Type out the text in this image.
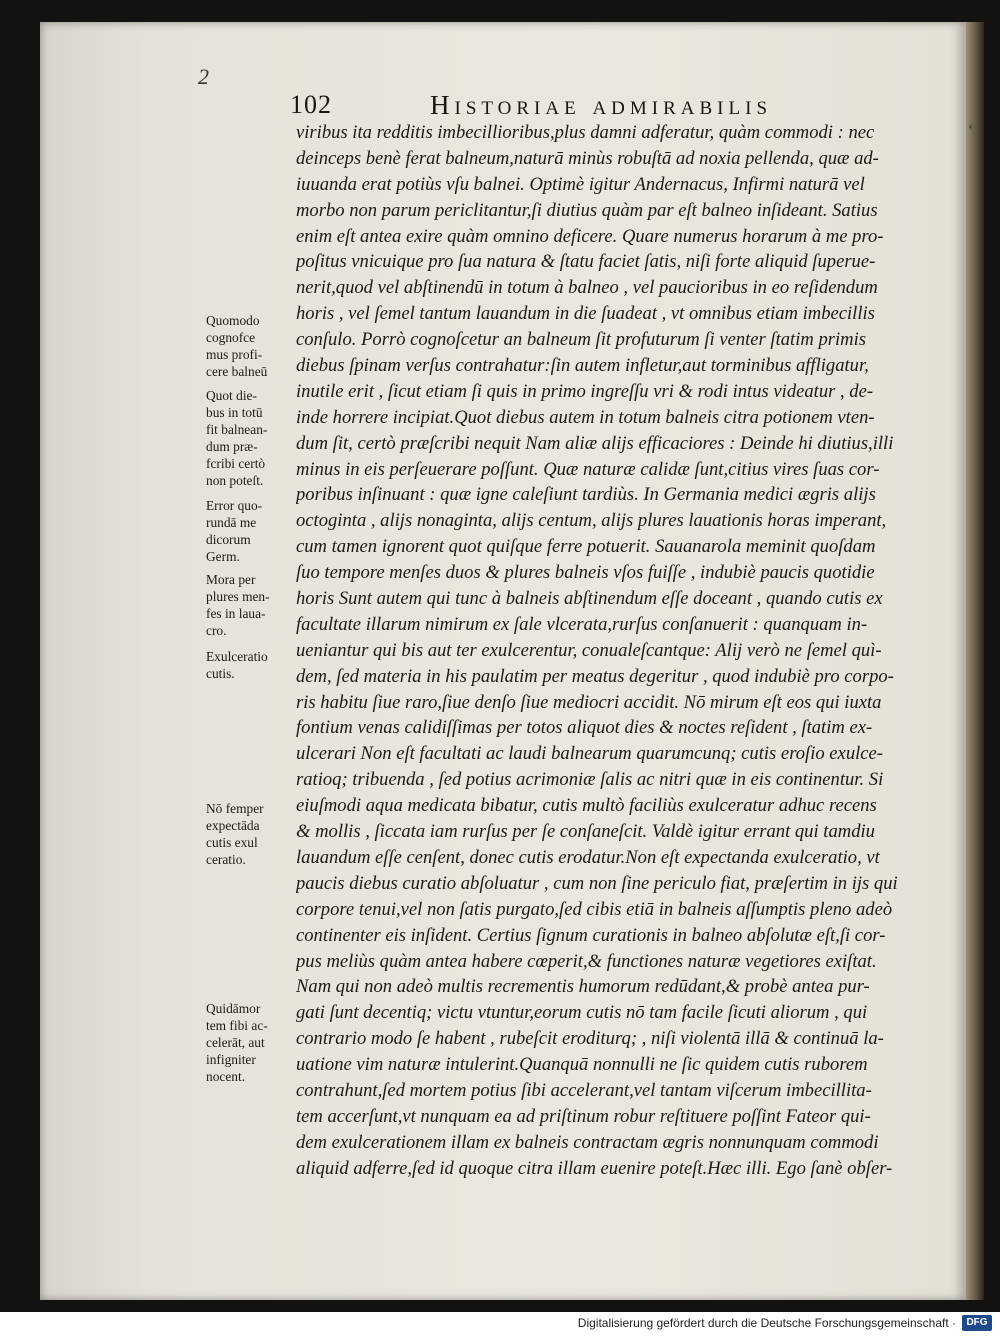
2
‘
102	Historiae admirabilis
Quomodo
cognofce
mus profi-
cere balneū
Quot die-
bus in totū
fit balnean-
dum præ-
fcribi certò
non poteſt.
Error quo-
rundā me
dicorum
Germ.
Mora per
plures men-
fes in laua-
cro.
Exulceratio
cutis.
Nō femper
expectāda
cutis exul
ceratio.
Quidāmor
tem fibi ac-
celerāt, aut
infigniter
nocent.
viribus ita redditis imbecillioribus,plus damni adferatur, quàm commodi : nec
deinceps benè ferat balneum,naturā minùs robuſtā ad noxia pellenda, quæ ad-
iuuanda erat potiùs vſu balnei. Optimè igitur Andernacus, Infirmi naturā vel
morbo non parum periclitantur,ſi diutius quàm par eſt balneo inſideant. Satius
enim eſt antea exire quàm omnino deficere. Quare numerus horarum à me pro-
poſitus vnicuique pro ſua natura & ſtatu faciet ſatis, niſi forte aliquid ſuperue-
nerit,quod vel abſtinendū in totum à balneo , vel paucioribus in eo reſidendum
horis , vel ſemel tantum lauandum in die ſuadeat , vt omnibus etiam imbecillis
conſulo. Porrò cognoſcetur an balneum ſit profuturum ſi venter ſtatim primis
diebus ſpinam verſus contrahatur:ſin autem infletur,aut torminibus affligatur,
inutile erit , ſicut etiam ſi quis in primo ingreſſu vri & rodi intus videatur , de-
inde horrere incipiat.Quot diebus autem in totum balneis citra potionem vten-
dum ſit, certò præſcribi nequit Nam aliæ alijs efficaciores : Deinde hi diutius,illi
minus in eis perſeuerare poſſunt. Quæ naturæ calidæ ſunt,citius vires ſuas cor-
poribus inſinuant : quæ igne caleſiunt tardiùs. In Germania medici ægris alijs
octoginta , alijs nonaginta, alijs centum, alijs plures lauationis horas imperant,
cum tamen ignorent quot quiſque ferre potuerit. Sauanarola meminit quoſdam
ſuo tempore menſes duos & plures balneis vſos fuiſſe , indubiè paucis quotidie
horis Sunt autem qui tunc à balneis abſtinendum eſſe doceant , quando cutis ex
facultate illarum nimirum ex ſale vlcerata,rurſus conſanuerit : quanquam in-
ueniantur qui bis aut ter exulcerentur, conualeſcantque: Alij verò ne ſemel quì-
dem, ſed materia in his paulatim per meatus degeritur , quod indubiè pro corpo-
ris habitu ſiue raro,ſiue denſo ſiue mediocri accidit. Nō mirum eſt eos qui iuxta
fontium venas calidiſſimas per totos aliquot dies & noctes reſident , ſtatim ex-
ulcerari Non eſt facultati ac laudi balnearum quarumcunq; cutis eroſio exulce-
ratioq; tribuenda , ſed potius acrimoniæ ſalis ac nitri quæ in eis continentur. Si
eiuſmodi aqua medicata bibatur, cutis multò faciliùs exulceratur adhuc recens
& mollis , ſiccata iam rurſus per ſe conſaneſcit. Valdè igitur errant qui tamdiu
lauandum eſſe cenſent, donec cutis erodatur.Non eſt expectanda exulceratio, vt
paucis diebus curatio abſoluatur , cum non ſine periculo fiat, præſertim in ijs qui
corpore tenui,vel non ſatis purgato,ſed cibis etiā in balneis aſſumptis pleno adeò
continenter eis inſident. Certius ſignum curationis in balneo abſolutæ eſt,ſi cor-
pus meliùs quàm antea habere cœperit,& functiones naturæ vegetiores exiſtat.
Nam qui non adeò multis recrementis humorum redūdant,& probè antea pur-
gati ſunt decentiq; victu vtuntur,eorum cutis nō tam facile ſicuti aliorum , qui
contrario modo ſe habent , rubeſcit eroditurq; , niſi violentā illā & continuā la-
uatione vim naturæ intulerint.Quanquā nonnulli ne ſic quidem cutis ruborem
contrahunt,ſed mortem potius ſibi accelerant,vel tantam viſcerum imbecillita-
tem accerſunt,vt nunquam ea ad priſtinum robur reſtituere poſſint Fateor qui-
dem exulcerationem illam ex balneis contractam ægris nonnunquam commodi
aliquid adferre,ſed id quoque citra illam euenire poteſt.Hæc illi. Ego ſanè obſer-
Digitalisierung gefördert durch die Deutsche Forschungsgemeinschaft ·	DFG
